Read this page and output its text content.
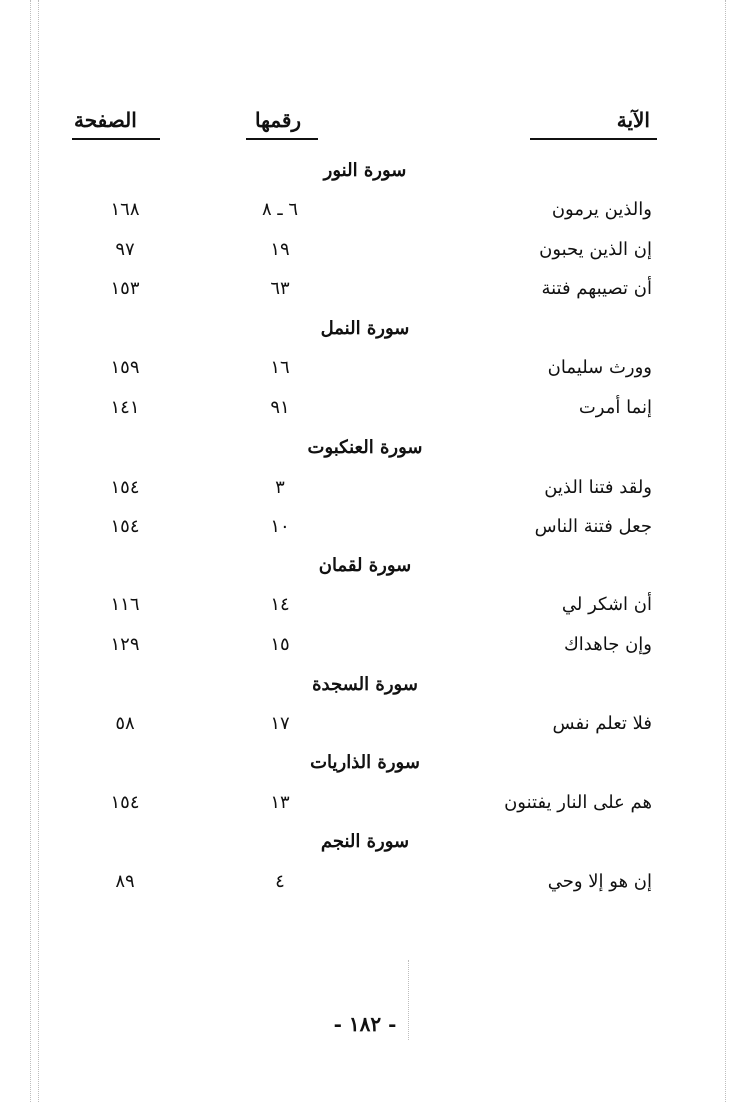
الآية
رقمها
الصفحة
سورة النور
والذين يرمون
٦ ـ ٨
١٦٨
إن الذين يحبون
١٩
٩٧
أن تصيبهم فتنة
٦٣
١٥٣
سورة النمل
وورث سليمان
١٦
١٥٩
إنما أمرت
٩١
١٤١
سورة العنكبوت
ولقد فتنا الذين
٣
١٥٤
جعل فتنة الناس
١٠
١٥٤
سورة لقمان
أن اشكر لي
١٤
١١٦
وإن جاهداك
١٥
١٢٩
سورة السجدة
فلا تعلم نفس
١٧
٥٨
سورة الذاريات
هم على النار يفتنون
١٣
١٥٤
سورة النجم
إن هو إلا وحي
٤
٨٩
- ١٨٢ -
